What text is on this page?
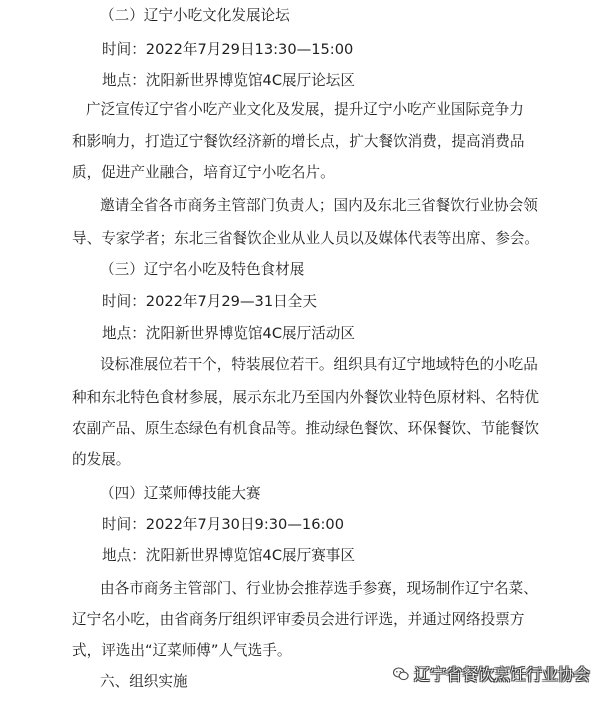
（二）辽宁小吃文化发展论坛
时间：2022年7月29日13:30—15:00
地点：沈阳新世界博览馆4C展厅论坛区
广泛宣传辽宁省小吃产业文化及发展，提升辽宁小吃产业国际竞争力
和影响力，打造辽宁餐饮经济新的增长点，扩大餐饮消费，提高消费品
质，促进产业融合，培育辽宁小吃名片。
邀请全省各市商务主管部门负责人；国内及东北三省餐饮行业协会领
导、专家学者；东北三省餐饮企业从业人员以及媒体代表等出席、参会。
（三）辽宁名小吃及特色食材展
时间：2022年7月29—31日全天
地点：沈阳新世界博览馆4C展厅活动区
设标准展位若干个，特装展位若干。组织具有辽宁地域特色的小吃品
种和东北特色食材参展，展示东北乃至国内外餐饮业特色原材料、名特优
农副产品、原生态绿色有机食品等。推动绿色餐饮、环保餐饮、节能餐饮
的发展。
（四）辽菜师傅技能大赛
时间：2022年7月30日9:30—16:00
地点：沈阳新世界博览馆4C展厅赛事区
由各市商务主管部门、行业协会推荐选手参赛，现场制作辽宁名菜、
辽宁名小吃，由省商务厅组织评审委员会进行评选，并通过网络投票方
式，评选出“辽菜师傅”人气选手。
六、组织实施	辽宁省餐饮烹饪行业协会
